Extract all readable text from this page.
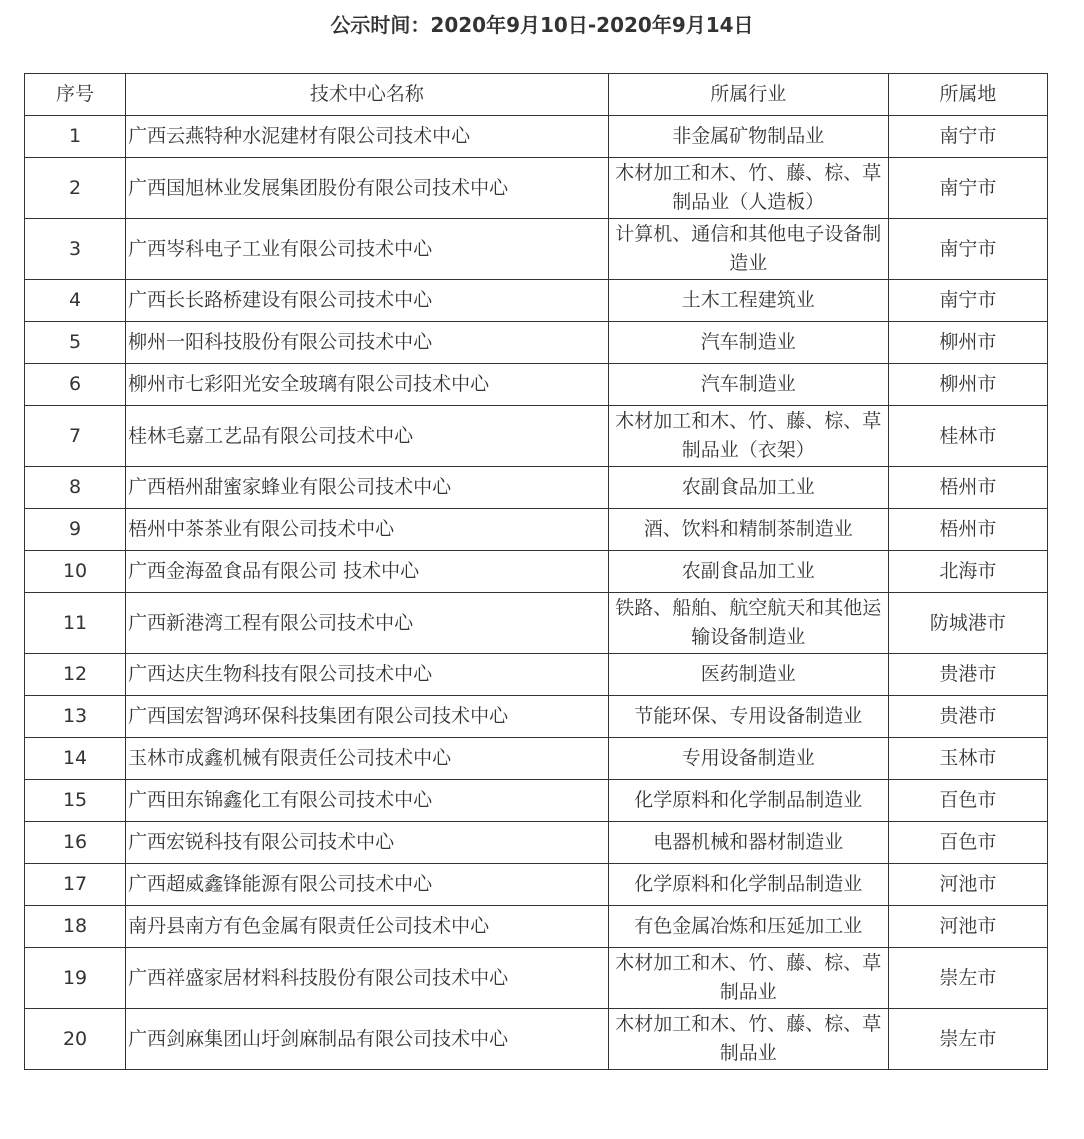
公示时间：2020年9月10日-2020年9月14日
序号	技术中心名称	所属行业	所属地
1	广西云燕特种水泥建材有限公司技术中心	非金属矿物制品业	南宁市
2	广西国旭林业发展集团股份有限公司技术中心	木材加工和木、竹、藤、棕、草制品业（人造板）	南宁市
3	广西岑科电子工业有限公司技术中心	计算机、通信和其他电子设备制造业	南宁市
4	广西长长路桥建设有限公司技术中心	土木工程建筑业	南宁市
5	柳州一阳科技股份有限公司技术中心	汽车制造业	柳州市
6	柳州市七彩阳光安全玻璃有限公司技术中心	汽车制造业	柳州市
7	桂林毛嘉工艺品有限公司技术中心	木材加工和木、竹、藤、棕、草制品业（衣架）	桂林市
8	广西梧州甜蜜家蜂业有限公司技术中心	农副食品加工业	梧州市
9	梧州中茶茶业有限公司技术中心	酒、饮料和精制茶制造业	梧州市
10	广西金海盈食品有限公司 技术中心	农副食品加工业	北海市
11	广西新港湾工程有限公司技术中心	铁路、船舶、航空航天和其他运输设备制造业	防城港市
12	广西达庆生物科技有限公司技术中心	医药制造业	贵港市
13	广西国宏智鸿环保科技集团有限公司技术中心	节能环保、专用设备制造业	贵港市
14	玉林市成鑫机械有限责任公司技术中心	专用设备制造业	玉林市
15	广西田东锦鑫化工有限公司技术中心	化学原料和化学制品制造业	百色市
16	广西宏锐科技有限公司技术中心	电器机械和器材制造业	百色市
17	广西超威鑫锋能源有限公司技术中心	化学原料和化学制品制造业	河池市
18	南丹县南方有色金属有限责任公司技术中心	有色金属冶炼和压延加工业	河池市
19	广西祥盛家居材料科技股份有限公司技术中心	木材加工和木、竹、藤、棕、草制品业	崇左市
20	广西剑麻集团山圩剑麻制品有限公司技术中心	木材加工和木、竹、藤、棕、草制品业	崇左市
